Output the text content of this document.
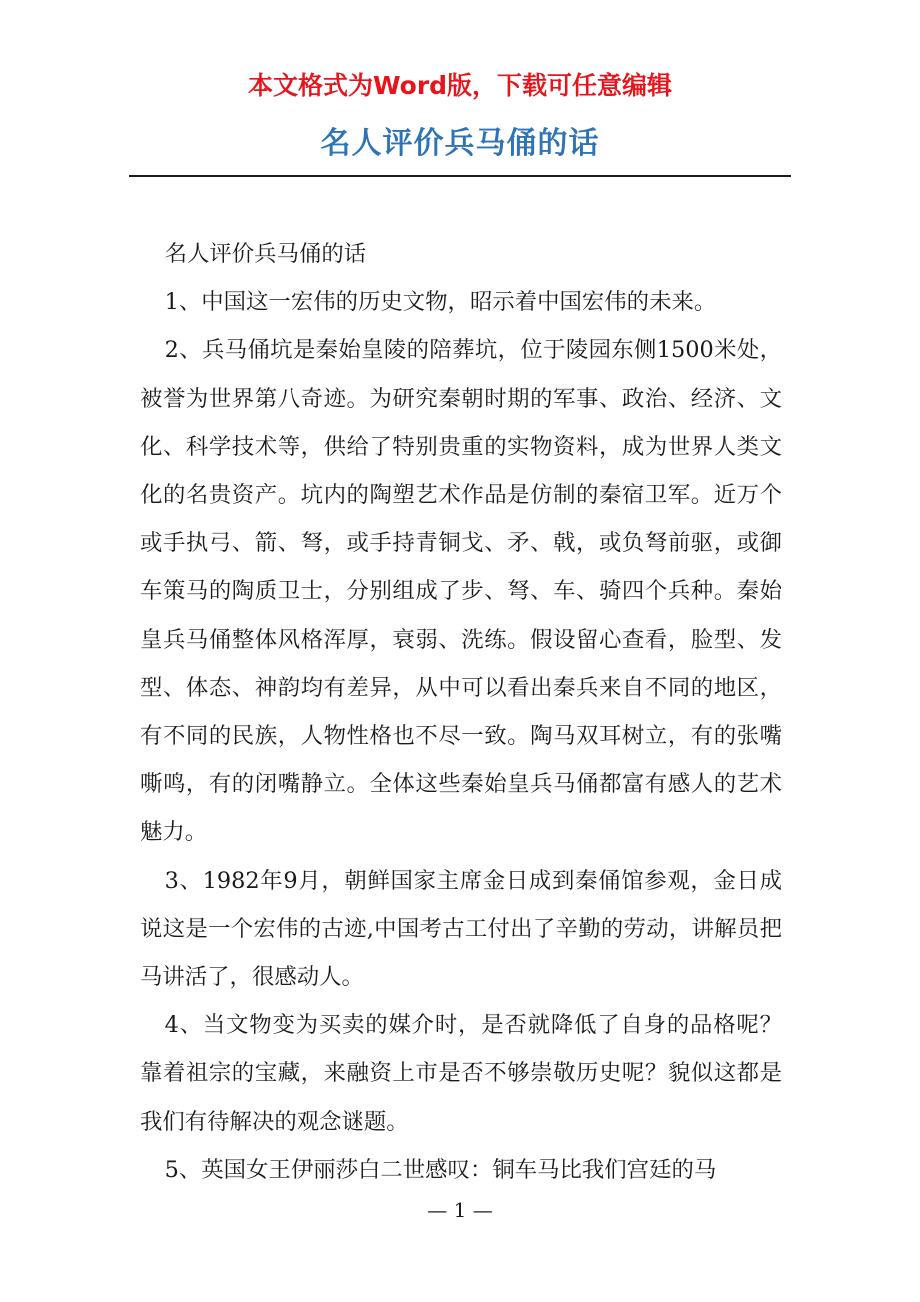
本文格式为Word版，下载可任意编辑
名人评价兵马俑的话

名人评价兵马俑的话

1、中国这一宏伟的历史文物，昭示着中国宏伟的未来。

2、兵马俑坑是秦始皇陵的陪葬坑，位于陵园东侧1500米处，被誉为世界第八奇迹。为研究秦朝时期的军事、政治、经济、文化、科学技术等，供给了特别贵重的实物资料，成为世界人类文化的名贵资产。坑内的陶塑艺术作品是仿制的秦宿卫军。近万个或手执弓、箭、弩，或手持青铜戈、矛、戟，或负弩前驱，或御车策马的陶质卫士，分别组成了步、弩、车、骑四个兵种。秦始皇兵马俑整体风格浑厚，衰弱、洗练。假设留心查看，脸型、发型、体态、神韵均有差异，从中可以看出秦兵来自不同的地区，有不同的民族，人物性格也不尽一致。陶马双耳树立，有的张嘴嘶鸣，有的闭嘴静立。全体这些秦始皇兵马俑都富有感人的艺术魅力。

3、1982年9月，朝鲜国家主席金日成到秦俑馆参观，金日成说这是一个宏伟的古迹,中国考古工付出了辛勤的劳动，讲解员把马讲活了，很感动人。

4、当文物变为买卖的媒介时，是否就降低了自身的品格呢？靠着祖宗的宝藏，来融资上市是否不够崇敬历史呢？貌似这都是我们有待解决的观念谜题。

5、英国女王伊丽莎白二世感叹：铜车马比我们宫廷的马

— 1 —
